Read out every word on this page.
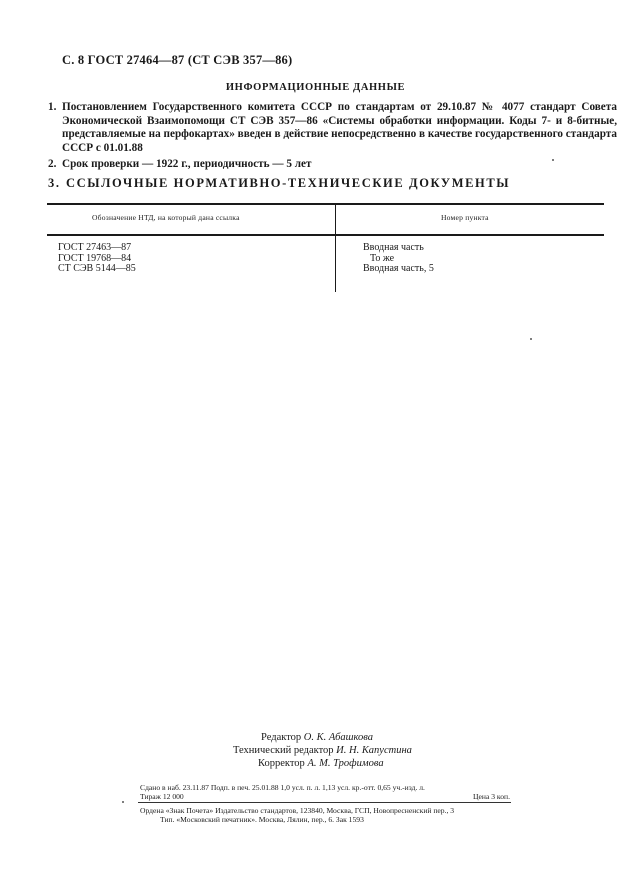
С. 8 ГОСТ 27464—87 (СТ СЭВ 357—86)
ИНФОРМАЦИОННЫЕ ДАННЫЕ
1. Постановлением Государственного комитета СССР по стандартам от 29.10.87 № 4077 стандарт Совета Экономической Взаимопомощи СТ СЭВ 357—86 «Системы обработки информации. Коды 7- и 8-битные, представляемые на перфокартах» введен в действие непосредственно в качестве государственного стандарта СССР с 01.01.88
2. Срок проверки — 1922 г., периодичность — 5 лет
3. ССЫЛОЧНЫЕ НОРМАТИВНО-ТЕХНИЧЕСКИЕ ДОКУМЕНТЫ
Обозначение НТД, на который дана ссылка	Номер пункта
ГОСТ 27463—87
ГОСТ 19768—84
СТ СЭВ 5144—85
Вводная часть
То же
Вводная часть, 5
Редактор О. К. Абашкова
Технический редактор И. Н. Капустина
Корректор А. М. Трофимова
Сдано в наб. 23.11.87 Подп. в печ. 25.01.88 1,0 усл. п. л. 1,13 усл. кр.-отт. 0,65 уч.-изд. л.
Тираж 12 000	Цена 3 коп.
Ордена «Знак Почета» Издательство стандартов, 123840, Москва, ГСП, Новопресненский пер., 3
Тип. «Московский печатник». Москва, Лялин, пер., 6. Зак 1593
